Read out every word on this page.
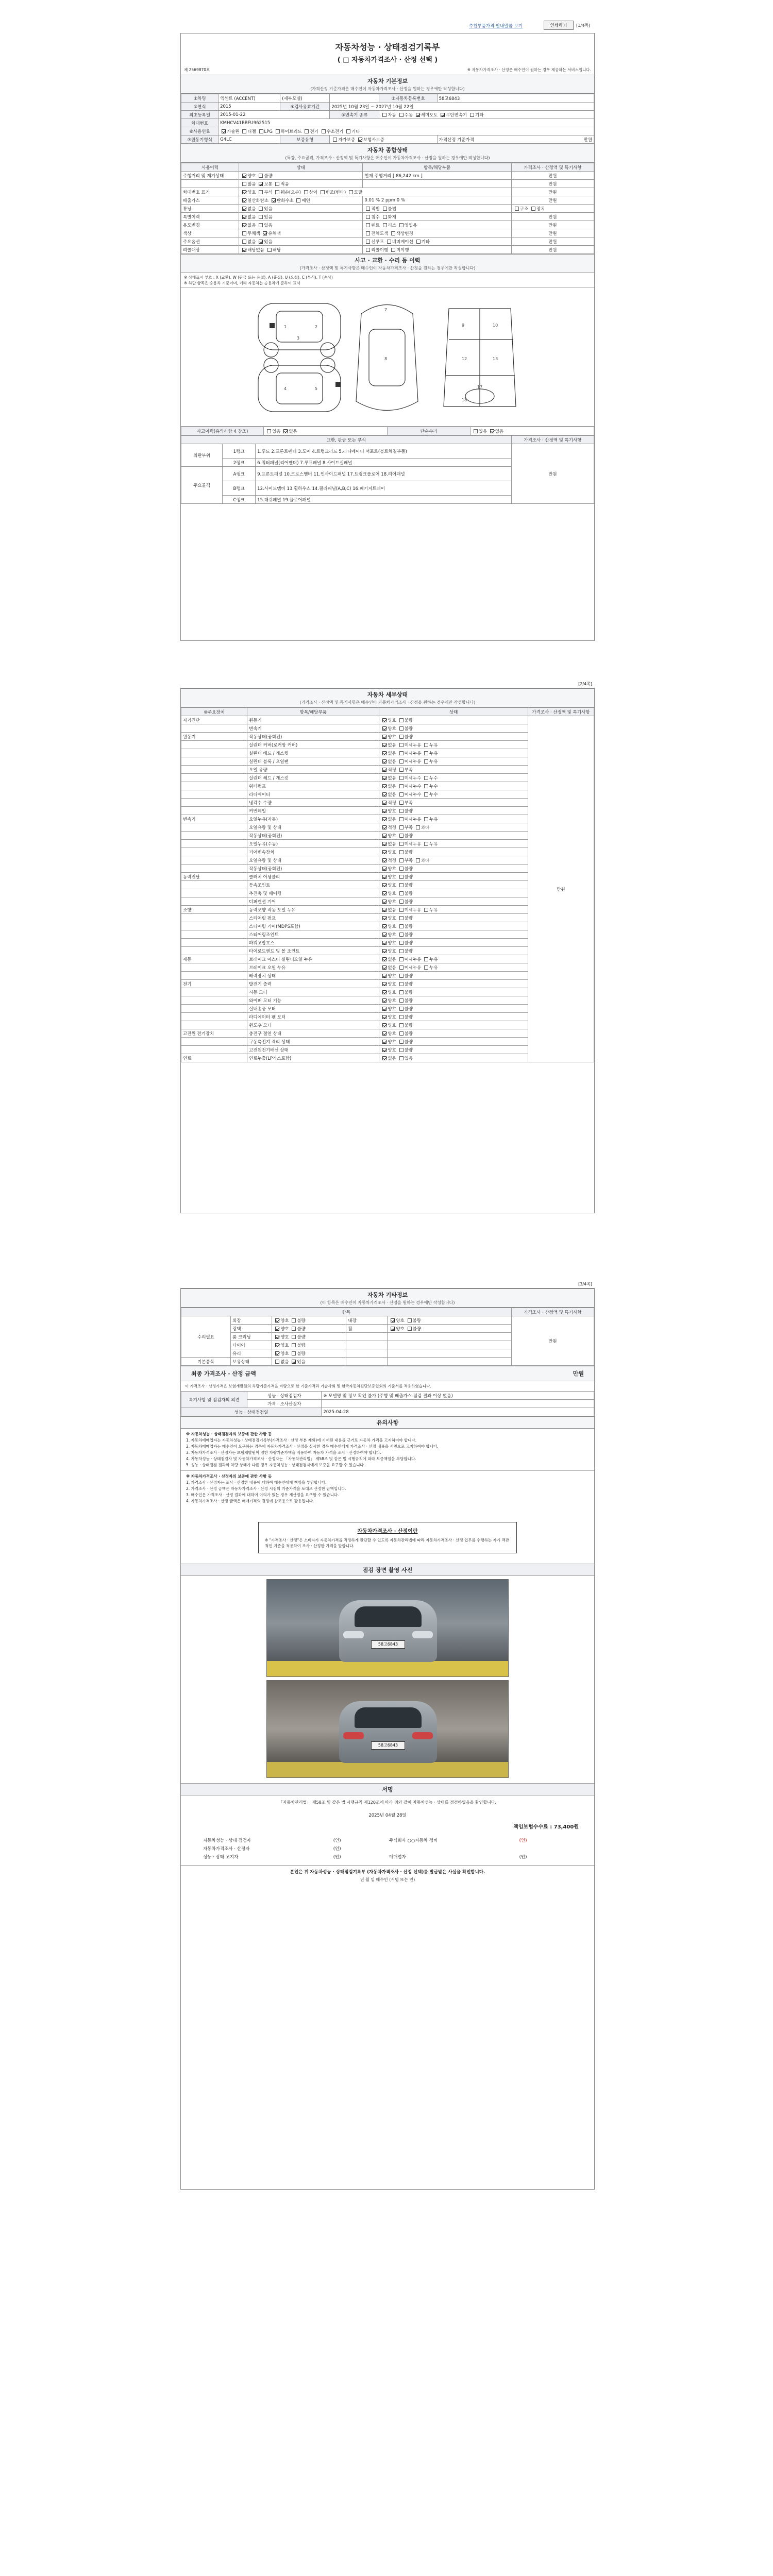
추천부품가격 안내말씀 보기	인쇄하기	[1/4쪽]
자동차성능 · 상태점검기록부
( □ 자동차가격조사 · 산정 선택 )
제 2569870호	※ 자동차가격조사 · 산정은 매수인이 원하는 경우 제공하는 서비스입니다.
자동차 기본정보
(가격산정 기준가격은 매수인이 자동차가격조사 · 산정을 원하는 경우에만 작성합니다)
①차명	엑센트 (ACCENT)	(세부모델)		②자동차등록번호	58고6843
③연식	2015	④검사유효기간	2025년 10월 23일 ~ 2027년 10월 22일		
최초등록일	2015-01-22		⑤변속기 종류	자동 수동 세미오토 무단변속기 기타	
차대번호	KMHCV41BBFU962515				
⑥사용연료	가솔린 디젤 LPG 하이브리드 전기 수소전기 기타				
⑦원동기형식	G4LC	보증유형	자가보증 보험사보증		가격산정 기준가격 만원
자동차 종합상태
(특강, 주요골격, 가격조사 · 산정액 및 특기사항은 매수인이 자동차가격조사 · 산정을 원하는 경우에만 작성합니다)
사용이력	상태	항목/해당부품	가격조사 · 산정액 및 특기사항
주행거리 및 계기상태	양호 불량	현재 주행거리 [ 86,242 km ]	만원
	많음 보통 적음		만원
차대번호 표기	양호 부식 훼손(오손) 상이 변조(변타) 도말		만원
배출가스	일산화탄소 탄화수소 매연	0.01 % 2 ppm 0 %	만원
튜닝	없음 있음	적법 불법	구조 장치
특별이력	없음 있음	침수 화재	만원
용도변경	없음 있음	렌트 리스 영업용	만원
색상	무채색 유채색	전체도색 색상변경	만원
주요옵션	없음 있음	선루프 네비게이션 기타	만원
리콜대상	해당없음 해당	리콜이행 미이행	만원
사고 · 교환 · 수리 등 이력
(가격조사 · 산정액 및 특기사항은 매수인이 자동차가격조사 · 산정을 원하는 경우에만 작성합니다)
※ 상태표시 부호 : X (교환), W (판금 또는 용접), A (흠집), U (요철), C (부식), T (손상)
※ 하단 항목은 승용차 기준이며, 기타 자동차는 승용차에 준하여 표시
1	2
3
4	5
7
8
9	10
12	13
17
18
사고이력(유의사항 4 참조)	있음 없음	단순수리	있음 없음
교환, 판금 또는 부식			가격조사 · 산정액 및 특기사항
외판부위	1랭크	1.후드 2.프론트펜더 3.도어 4.트렁크리드 5.라디에이터 서포트(볼트체결부품)	만원
	2랭크	6.쿼터패널(리어펜더) 7.루프패널 8.사이드실패널	
주요골격	A랭크	9.프론트패널 10.크로스멤버 11.인사이드패널 17.트렁크플로어 18.리어패널	
	B랭크	12.사이드멤버 13.휠하우스 14.필러패널(A,B,C) 16.패키지트레이	
	C랭크	15.대쉬패널 19.플로어패널	
[2/4쪽]
자동차 세부상태
(가격조사 · 산정액 및 특기사항은 매수인이 자동차가격조사 · 산정을 원하는 경우에만 작성합니다)
⑩주요장치	항목/해당부품	상태	가격조사 · 산정액 및 특기사항
자기진단	원동기	양호 불량	만원
	변속기	양호 불량	
원동기	작동상태(공회전)	양호 불량	
	실린더 커버(로커암 커버)	없음 미세누유 누유	
	실린더 헤드 / 개스킷	없음 미세누유 누유	
	실린더 블록 / 오일팬	없음 미세누유 누유	
	오일 유량	적정 부족	
	실린더 헤드 / 개스킷	없음 미세누수 누수	
	워터펌프	없음 미세누수 누수	
	라디에이터	없음 미세누수 누수	
	냉각수 수량	적정 부족	
	커먼레일	양호 불량	
변속기	오일누유(자동)	없음 미세누유 누유	
	오일유량 및 상태	적정 부족 과다	
	작동상태(공회전)	양호 불량	
	오일누유(수동)	없음 미세누유 누유	
	기어변속장치	양호 불량	
	오일유량 및 상태	적정 부족 과다	
	작동상태(공회전)	양호 불량	
동력전달	클러치 어셈블리	양호 불량	
	등속조인트	양호 불량	
	추진축 및 베어링	양호 불량	
	디퍼렌셜 기어	양호 불량	
조향	동력조향 작동 오일 누유	없음 미세누유 누유	
	스티어링 펌프	양호 불량	
	스티어링 기어(MDPS포함)	양호 불량	
	스티어링조인트	양호 불량	
	파워고압호스	양호 불량	
	타이로드엔드 및 볼 조인트	양호 불량	
제동	브레이크 마스터 실린더오일 누유	없음 미세누유 누유	
	브레이크 오일 누유	없음 미세누유 누유	
	배력장치 상태	양호 불량	
전기	발전기 출력	양호 불량	
	시동 모터	양호 불량	
	와이퍼 모터 기능	양호 불량	
	실내송풍 모터	양호 불량	
	라디에이터 팬 모터	양호 불량	
	윈도우 모터	양호 불량	
고전원 전기장치	충전구 절연 상태	양호 불량	
	구동축전지 격리 상태	양호 불량	
	고전원전기배선 상태	양호 불량	
연료	연료누출(LP가스포함)	없음 있음	
[3/4쪽]
자동차 기타정보
(이 항목은 매수인이 자동차가격조사 · 산정을 원하는 경우에만 작성합니다)
항목					가격조사 · 산정액 및 특기사항
수리필요	외장	양호 불량	내장	양호 불량	만원
	광택	양호 불량	휠	양호 불량	
	룸 크리닝	양호 불량			
	타이어	양호 불량			
	유리	양호 불량			
기본품목	보유상태	없음 있음			
최종 가격조사 · 산정 금액	만원
이 가격조사 · 산정가격은 보험개발원의 차량기준가격을 바탕으로 한 기준가격과 기술사회 및 한국자동차진단보증협회의 기준서를 적용하였습니다.
특기사항 및 점검자의 의견	성능 · 상태점검자	※ 모델명 및 정보 확인 불가 (주행 및 배출가스 점검 결과 이상 없음)
	가격 · 조사산정자	
성능 · 상태점검일		2025-04-28
유의사항

※ 자동차성능 · 상태점검자의 보증에 관한 사항 등

1. 자동차매매업자는 자동차성능 · 상태점검기록부(가격조사 · 산정 부분 제외)에 기재된 내용을 근거로 자동차 가격을 고지하여야 합니다.

2. 자동차매매업자는 매수인이 요구하는 경우에 자동차가격조사 · 산정을 실시한 경우 매수인에게 가격조사 · 산정 내용을 서면으로 고지하여야 합니다.

3. 자동차가격조사 · 산정자는 보험개발원이 정한 차량기준가액을 적용하여 자동차 가격을 조사 · 산정하여야 합니다.

4. 자동차성능 · 상태점검자 및 자동차가격조사 · 산정자는 「자동차관리법」 제58조 및 같은 법 시행규칙에 따라 보증책임을 부담합니다.

5. 성능 · 상태점검 결과와 차량 상태가 다른 경우 자동차성능 · 상태점검자에게 보증을 요구할 수 있습니다.

※ 자동차가격조사 · 산정자의 보증에 관한 사항 등

1. 가격조사 · 산정자는 조사 · 산정한 내용에 대하여 매수인에게 책임을 부담합니다.

2. 가격조사 · 산정 금액은 자동차가격조사 · 산정 시점의 기준가격을 토대로 산정한 금액입니다.

3. 매수인은 가격조사 · 산정 결과에 대하여 이의가 있는 경우 재산정을 요구할 수 있습니다.

4. 자동차가격조사 · 산정 금액은 매매가격의 결정에 참고용으로 활용됩니다.

자동차가격조사 · 산정이란
※ "가격조사 · 산정"은 소비자가 자동차가격을 적정하게 판단할 수 있도록 자동차관리법에 따라 자동차가격조사 · 산정 업무를 수행하는 자가 객관적인 기준을 적용하여 조사 · 산정한 가격을 말합니다.
점검 장면 촬영 사진
58고6843
58고6843
서명
「자동차관리법」 제58조 및 같은 법 시행규칙 제120조에 따라 위와 같이 자동차성능 · 상태를 점검하였음을 확인합니다.
2025년 04월 28일
책임보험수수료 : 73,400원
자동차성능 · 상태 점검자	(인)	주식회사 ○○자동차 정비	(인)
자동차가격조사 · 산정자	(인)		
성능 · 상태 고지자	(인)	매매업자	(인)
본인은 위 자동차성능 · 상태점검기록부 (자동차가격조사 · 산정 선택)를 발급받은 사실을 확인합니다.
년 월 일 매수인 (서명 또는 인)
